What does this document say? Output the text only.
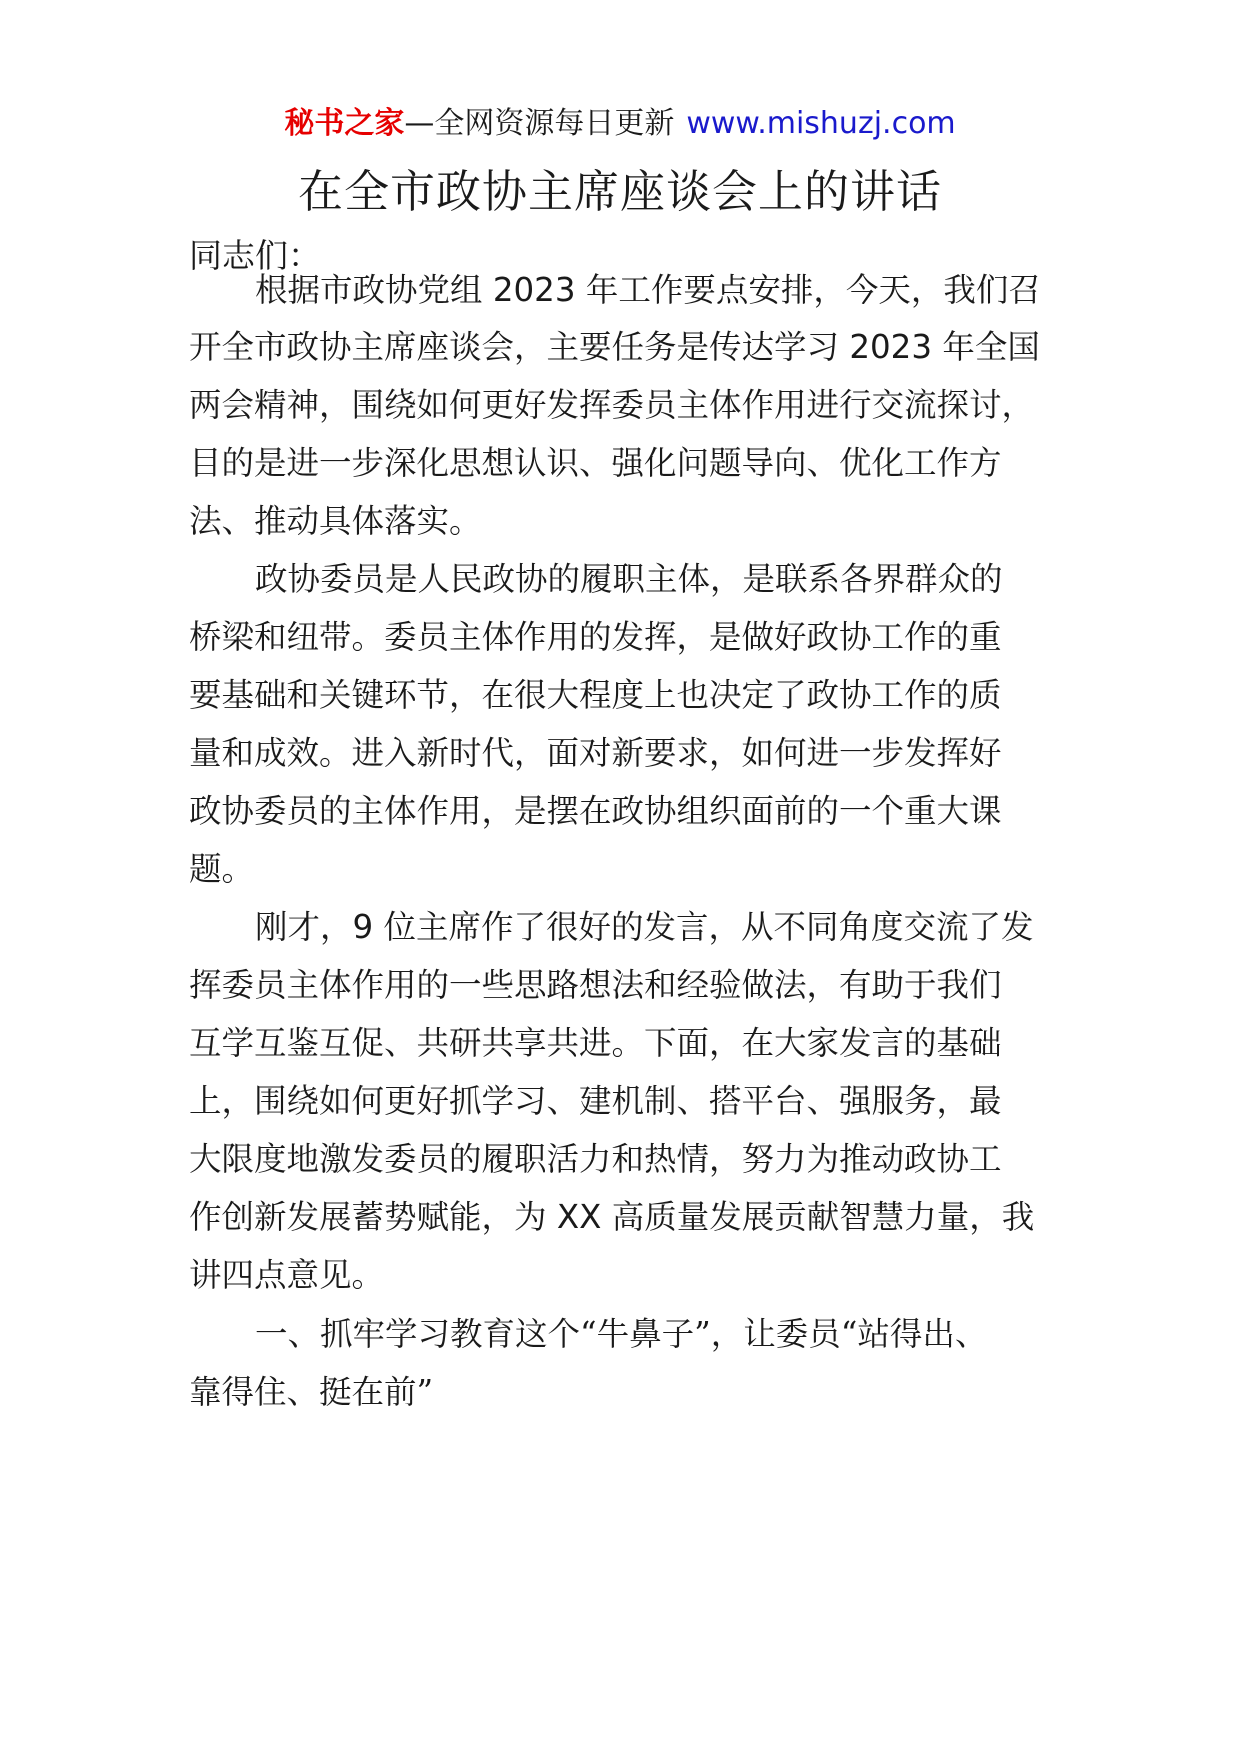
秘书之家—全网资源每日更新 www.mishuzj.com
在全市政协主席座谈会上的讲话
同志们：
根据市政协党组 2023 年工作要点安排，今天，我们召
开全市政协主席座谈会，主要任务是传达学习 2023 年全国
两会精神，围绕如何更好发挥委员主体作用进行交流探讨，
目的是进一步深化思想认识、强化问题导向、优化工作方
法、推动具体落实。
政协委员是人民政协的履职主体，是联系各界群众的
桥梁和纽带。委员主体作用的发挥，是做好政协工作的重
要基础和关键环节，在很大程度上也决定了政协工作的质
量和成效。进入新时代，面对新要求，如何进一步发挥好
政协委员的主体作用，是摆在政协组织面前的一个重大课
题。
刚才，9 位主席作了很好的发言，从不同角度交流了发
挥委员主体作用的一些思路想法和经验做法，有助于我们
互学互鉴互促、共研共享共进。下面，在大家发言的基础
上，围绕如何更好抓学习、建机制、搭平台、强服务，最
大限度地激发委员的履职活力和热情，努力为推动政协工
作创新发展蓄势赋能，为 XX 高质量发展贡献智慧力量，我
讲四点意见。
一、抓牢学习教育这个“牛鼻子”，让委员“站得出、
靠得住、挺在前”
